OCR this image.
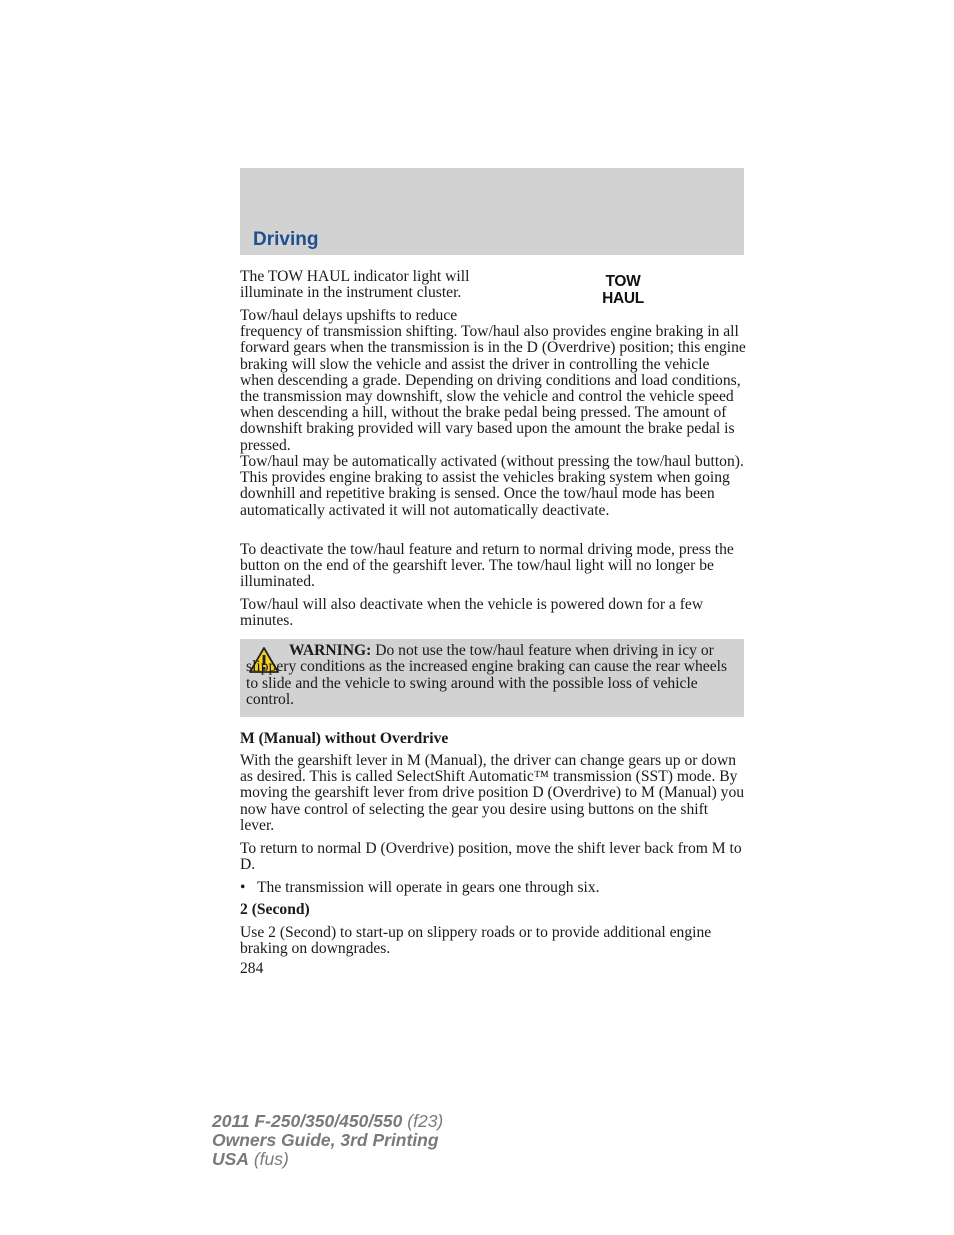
Driving
TOW
HAUL
The TOW HAUL indicator light will
illuminate in the instrument cluster.
Tow/haul delays upshifts to reduce
frequency of transmission shifting. Tow/haul also provides engine braking in all forward gears when the transmission is in the D (Overdrive) position; this engine braking will slow the vehicle and assist the driver in controlling the vehicle when descending a grade. Depending on driving conditions and load conditions, the transmission may downshift, slow the vehicle and control the vehicle speed when descending a hill, without the brake pedal being pressed. The amount of downshift braking provided will vary based upon the amount the brake pedal is pressed.
Tow/haul may be automatically activated (without pressing the tow/haul button). This provides engine braking to assist the vehicles braking system when going downhill and repetitive braking is sensed. Once the tow/haul mode has been automatically activated it will not automatically deactivate.
To deactivate the tow/haul feature and return to normal driving mode, press the button on the end of the gearshift lever. The tow/haul light will no longer be illuminated.
Tow/haul will also deactivate when the vehicle is powered down for a few minutes.
WARNING: Do not use the tow/haul feature when driving in icy or slippery conditions as the increased engine braking can cause the rear wheels to slide and the vehicle to swing around with the possible loss of vehicle control.
M (Manual) without Overdrive
With the gearshift lever in M (Manual), the driver can change gears up or down as desired. This is called SelectShift Automatic™ transmission (SST) mode. By moving the gearshift lever from drive position D (Overdrive) to M (Manual) you now have control of selecting the gear you desire using buttons on the shift lever.
To return to normal D (Overdrive) position, move the shift lever back from M to D.
• The transmission will operate in gears one through six.
2 (Second)
Use 2 (Second) to start-up on slippery roads or to provide additional engine braking on downgrades.
284
2011 F-250/350/450/550 (f23)
Owners Guide, 3rd Printing
USA (fus)
